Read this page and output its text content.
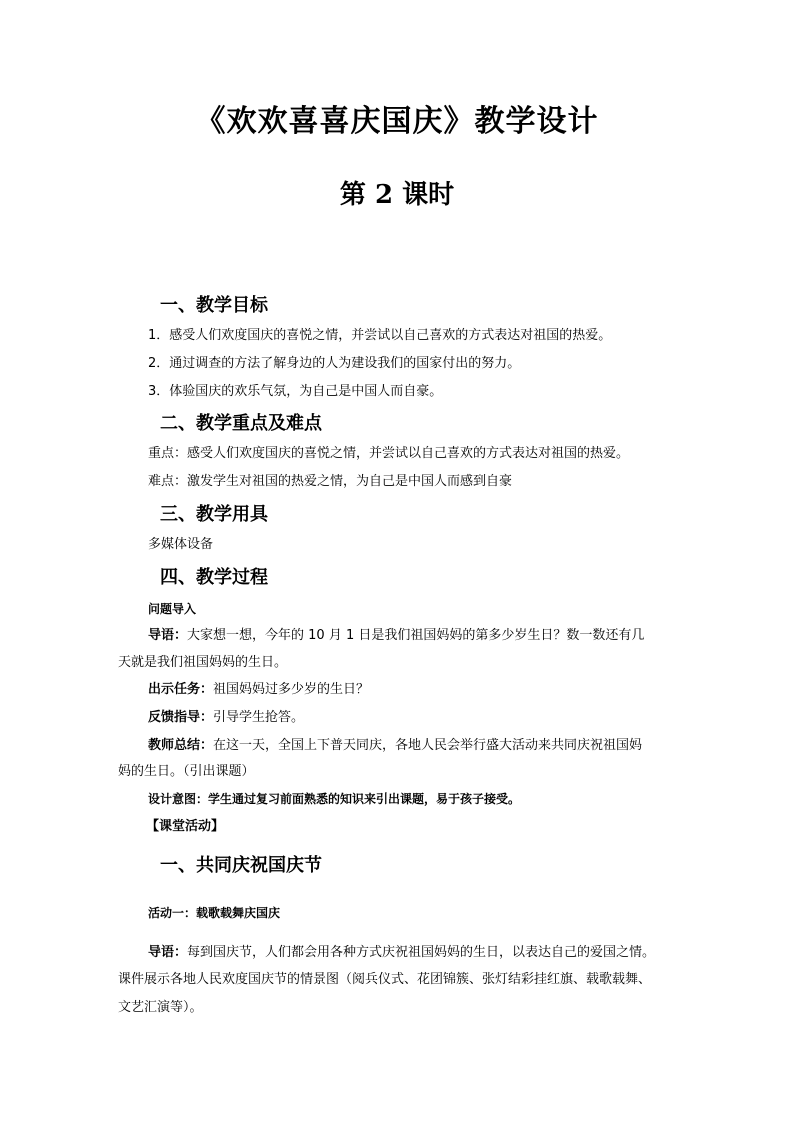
《欢欢喜喜庆国庆》教学设计
第 2 课时
一、教学目标
1．感受人们欢度国庆的喜悦之情，并尝试以自己喜欢的方式表达对祖国的热爱。
2．通过调查的方法了解身边的人为建设我们的国家付出的努力。
3．体验国庆的欢乐气氛，为自己是中国人而自豪。
二、教学重点及难点
重点：感受人们欢度国庆的喜悦之情，并尝试以自己喜欢的方式表达对祖国的热爱。
难点：激发学生对祖国的热爱之情，为自己是中国人而感到自豪
三、教学用具
多媒体设备
四、教学过程
问题导入
导语：大家想一想，今年的 10 月 1 日是我们祖国妈妈的第多少岁生日？数一数还有几
天就是我们祖国妈妈的生日。
出示任务：祖国妈妈过多少岁的生日？
反馈指导：引导学生抢答。
教师总结：在这一天，全国上下普天同庆，各地人民会举行盛大活动来共同庆祝祖国妈
妈的生日。（引出课题）
设计意图：学生通过复习前面熟悉的知识来引出课题，易于孩子接受。
【课堂活动】
一、共同庆祝国庆节
活动一：载歌载舞庆国庆
导语：每到国庆节，人们都会用各种方式庆祝祖国妈妈的生日，以表达自己的爱国之情。
课件展示各地人民欢度国庆节的情景图（阅兵仪式、花团锦簇、张灯结彩挂红旗、载歌载舞、
文艺汇演等）。
